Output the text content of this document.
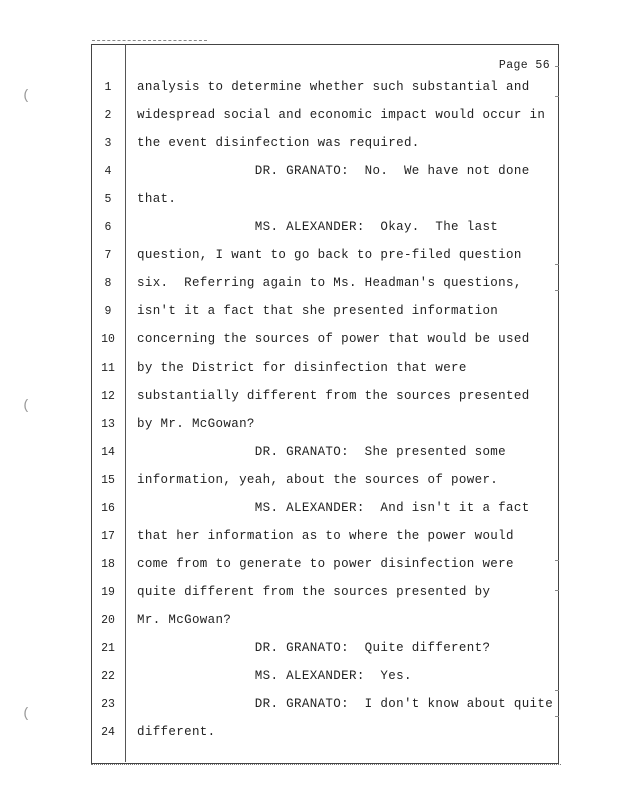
(
(
(
Page 56
1	analysis to determine whether such substantial and
2	widespread social and economic impact would occur in
3	the event disinfection was required.
4	DR. GRANATO:  No.  We have not done
5	that.
6	MS. ALEXANDER:  Okay.  The last
7	question, I want to go back to pre-filed question
8	six.  Referring again to Ms. Headman's questions,
9	isn't it a fact that she presented information
10	concerning the sources of power that would be used
11	by the District for disinfection that were
12	substantially different from the sources presented
13	by Mr. McGowan?
14	DR. GRANATO:  She presented some
15	information, yeah, about the sources of power.
16	MS. ALEXANDER:  And isn't it a fact
17	that her information as to where the power would
18	come from to generate to power disinfection were
19	quite different from the sources presented by
20	Mr. McGowan?
21	DR. GRANATO:  Quite different?
22	MS. ALEXANDER:  Yes.
23	DR. GRANATO:  I don't know about quite
24	different.
